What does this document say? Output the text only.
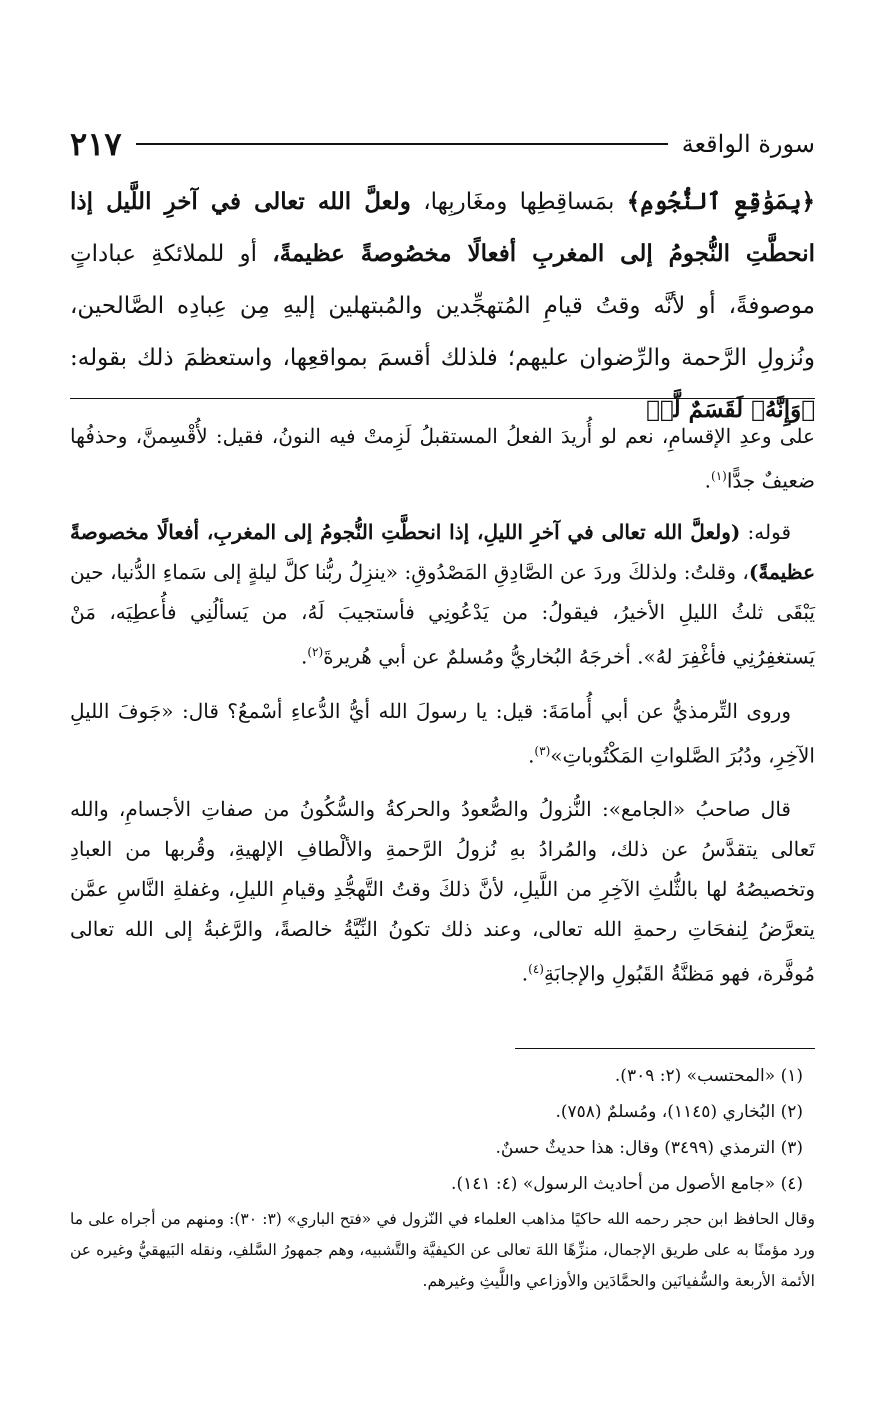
سورة الواقعة
٢١٧

﴿بِمَوَٰقِعِ ٱلنُّجُومِ﴾ بمَساقِطِها ومغَاربِها، ولعلَّ الله تعالى في آخرِ اللَّيل إذا انحطَّتِ النُّجومُ إلى المغربِ أفعالًا مخصُوصةً عظيمةً، أو للملائكةِ عباداتٍ موصوفةً، أو لأنَّه وقتُ قيامِ المُتهجِّدين والمُبتهلين إليهِ مِن عِبادِه الصَّالحين، ونُزولِ الرَّحمة والرِّضوان عليهم؛ فلذلك أقسمَ بمواقعِها، واستعظمَ ذلك بقوله: ﴿وَإِنَّهُۥ لَقَسَمٌ لَّوۡ

على وعدِ الإقسامِ، نعم لو أُريدَ الفعلُ المستقبلُ لَزِمتْ فيه النونُ، فقيل: لأُقْسِمنَّ، وحذفُها ضعيفٌ جدًّا$^{(١)}$.

قوله: (ولعلَّ الله تعالى في آخرِ الليلِ، إذا انحطَّتِ النُّجومُ إلى المغربِ، أفعالًا مخصوصةً عظيمةً)، وقلتُ: ولذلكَ وردَ عن الصَّادِقِ المَصْدُوقِ: «ينزِلُ ربُّنا كلَّ ليلةٍ إلى سَماءِ الدُّنيا، حين يَبْقَى ثلثُ الليلِ الأخيرُ، فيقولُ: من يَدْعُونِي فأستجيبَ لَهُ، من يَسألُنِي فأُعطِيَه، مَنْ يَستغفِرُنِي فأغْفِرَ لهُ». أخرجَهُ البُخاريُّ ومُسلمٌ عن أبي هُريرةَ$^{(٢)}$.

وروى التِّرمذيُّ عن أبي أُمامَةَ: قيل: يا رسولَ الله أيُّ الدُّعاءِ أسْمعُ؟ قال: «جَوفَ الليلِ الآخِرِ، ودُبُرَ الصَّلواتِ المَكْتُوباتِ»$^{(٣)}$.

قال صاحبُ «الجامع»: النُّزولُ والصُّعودُ والحركةُ والسُّكُونُ من صفاتِ الأجسامِ، والله تَعالى يتقدَّسُ عن ذلك، والمُرادُ بهِ نُزولُ الرَّحمةِ والألْطافِ الإلهيةِ، وقُربها من العبادِ وتخصيصُهُ لها بالثُّلثِ الآخِرِ من اللَّيلِ، لأنَّ ذلكَ وقتُ التَّهجُّدِ وقيامِ الليلِ، وغفلةِ النَّاسِ عمَّن يتعرَّضُ لِنفحَاتِ رحمةِ الله تعالى، وعند ذلك تكونُ النِّيَّةُ خالصةً، والرَّغبةُ إلى الله تعالى مُوفَّرة، فهو مَظنَّةُ القَبُولِ والإجابَةِ$^{(٤)}$.

(١) «المحتسب» (٢: ٣٠٩).

(٢) البُخاري (١١٤٥)، ومُسلمٌ (٧٥٨).

(٣) الترمذي (٣٤٩٩) وقال: هذا حديثٌ حسنٌ.

(٤) «جامع الأصول من أحاديث الرسول» (٤: ١٤١).

وقال الحافظ ابن حجر رحمه الله حاكيًا مذاهب العلماء في النّزول في «فتح الباري» (٣: ٣٠): ومنهم من أجراه على ما ورد مؤمنًا به على طريق الإجمال، منزِّهًا اللهَ تعالى عن الكيفيَّة والتَّشبيه، وهم جمهورُ السَّلفِ، ونقله البَيهقيُّ وغيره عن الأئمة الأربعة والسُّفيانَين والحمَّادَين والأوزاعي واللَّيثِ وغيرهم.
